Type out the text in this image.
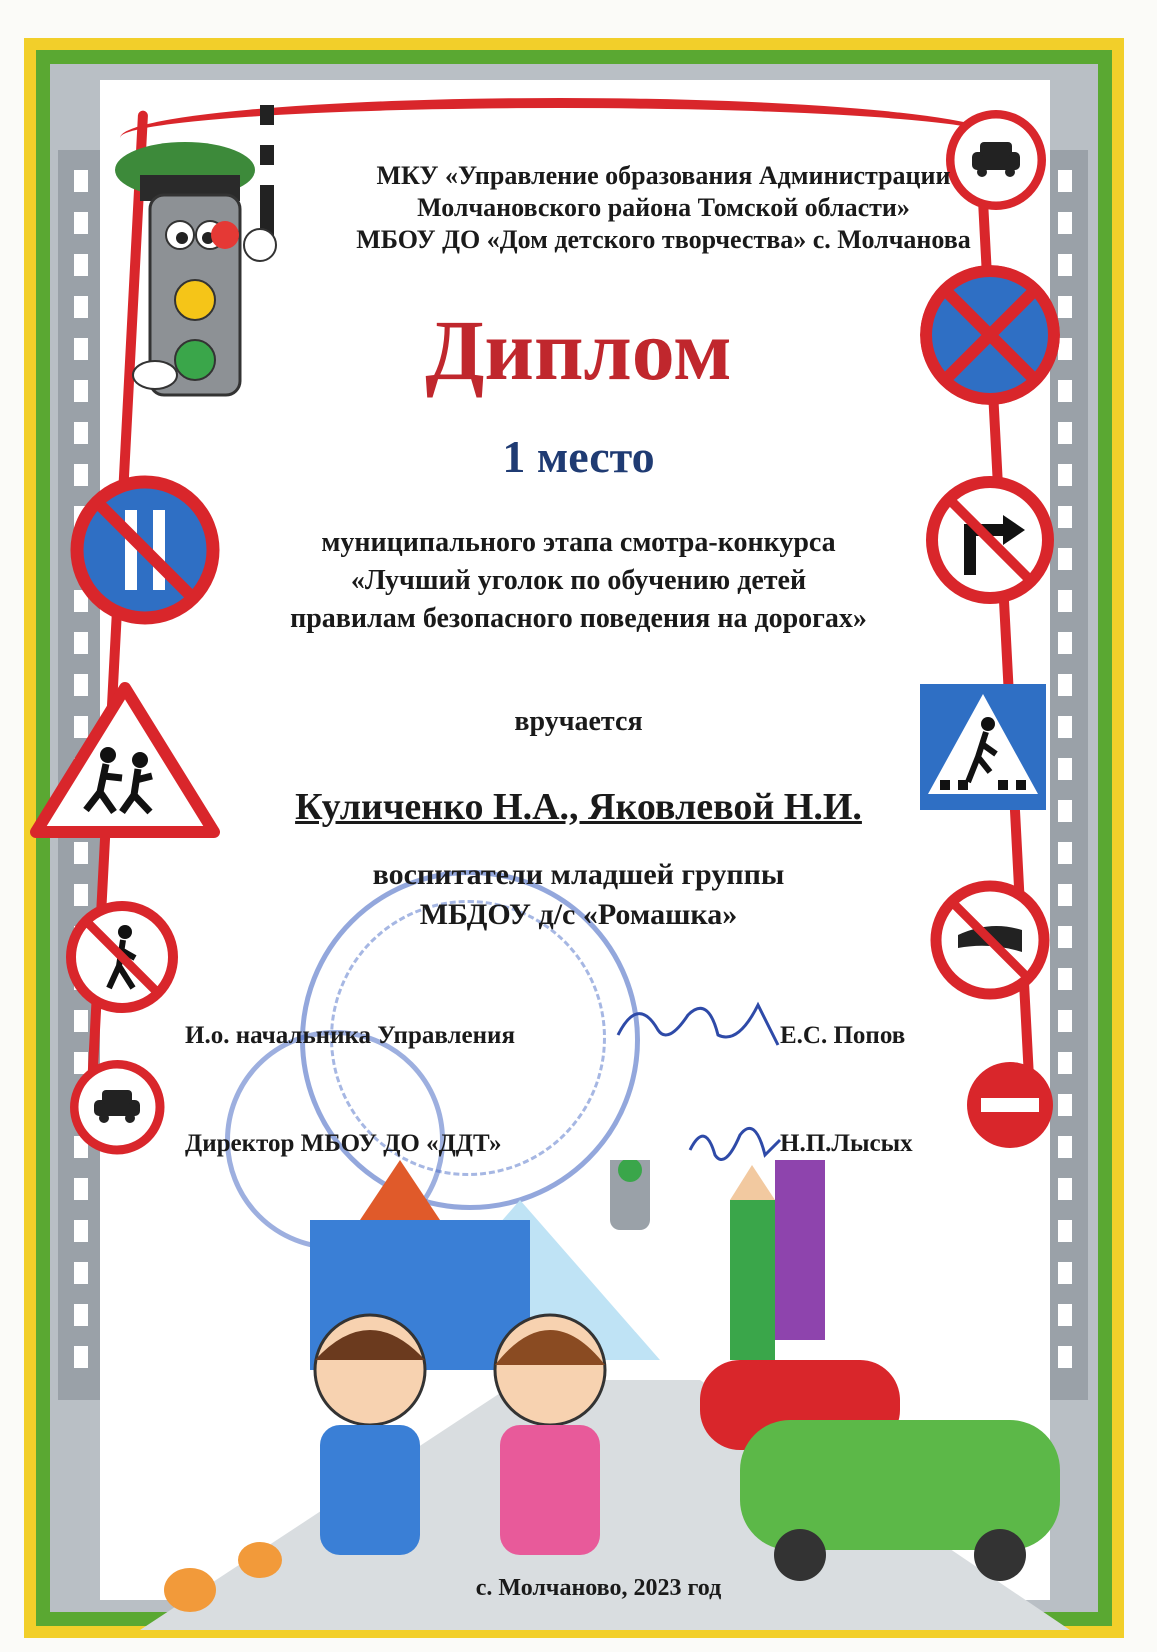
МКУ «Управление образования Администрации
Молчановского района Томской области»
МБОУ ДО «Дом детского творчества» с. Молчанова
Диплом
1 место
муниципального этапа смотра-конкурса
«Лучший уголок по обучению детей
правилам безопасного поведения на дорогах»
вручается
Куличенко Н.А., Яковлевой Н.И.
воспитатели младшей группы
МБДОУ д/с «Ромашка»
И.о. начальника Управления	Е.С. Попов
Директор МБОУ ДО «ДДТ»	Н.П.Лысых
с. Молчаново, 2023 год
